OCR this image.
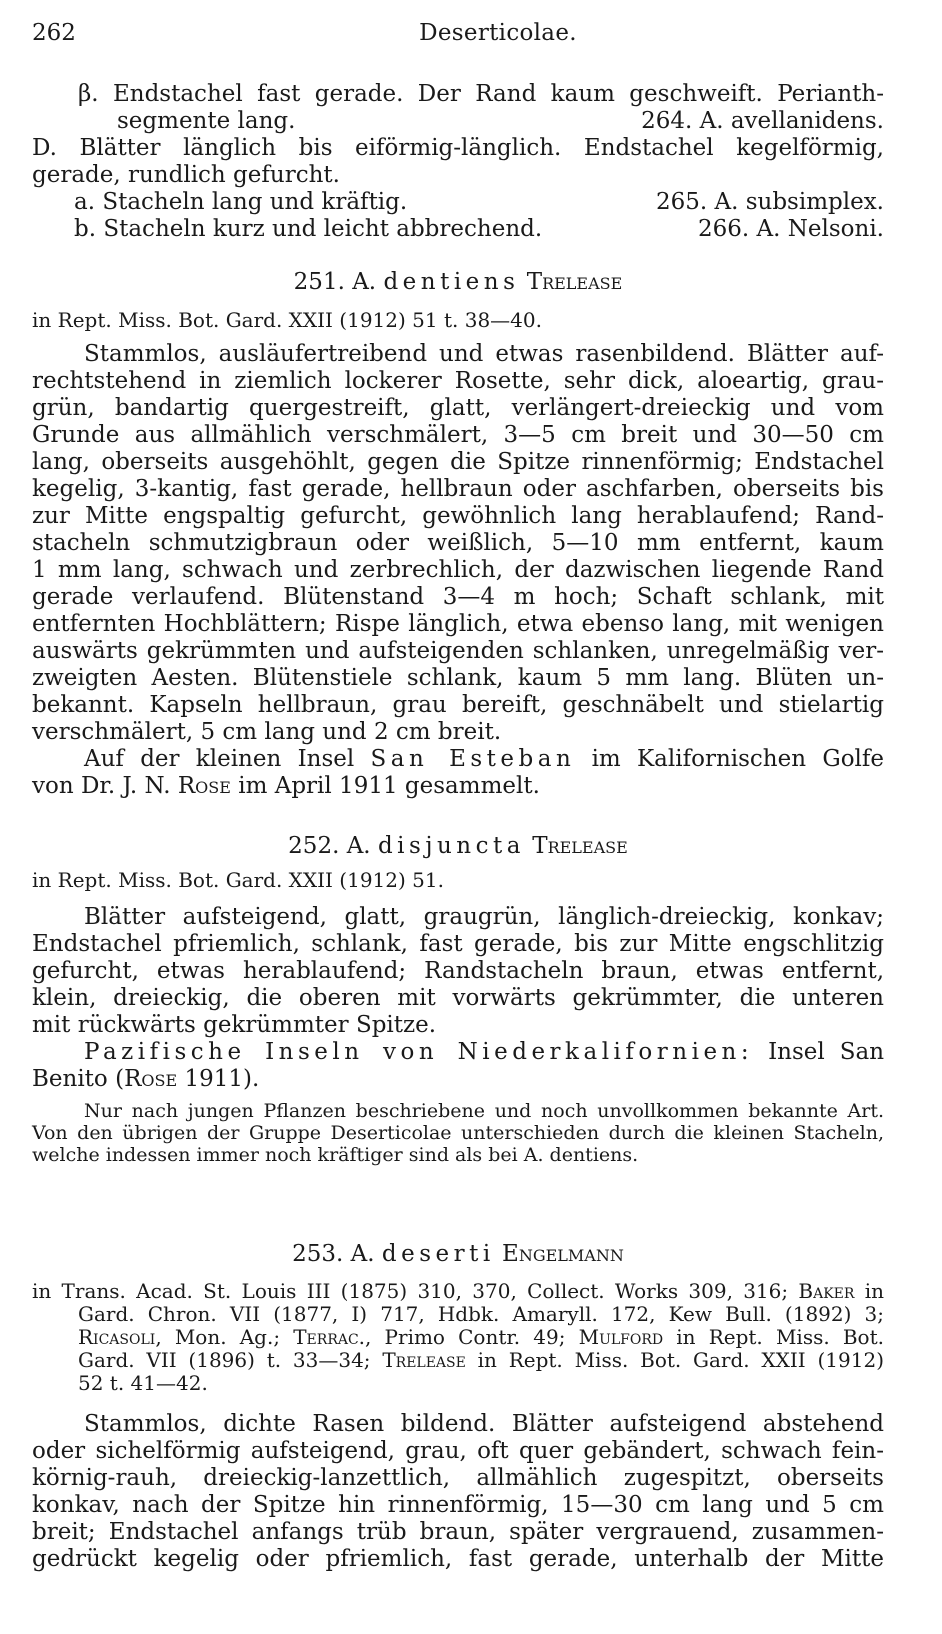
262	Deserticolae.
β. Endstachel fast gerade. Der Rand kaum geschweift. Perianth-
segmente lang.	264. A. avellanidens.
D. Blätter länglich bis eiförmig-länglich. Endstachel kegelförmig,
gerade, rundlich gefurcht.
a. Stacheln lang und kräftig.	265. A. subsimplex.
b. Stacheln kurz und leicht abbrechend.	266. A. Nelsoni.
251. A. dentiens Trelease
in Rept. Miss. Bot. Gard. XXII (1912) 51 t. 38—40.
Stammlos, ausläufertreibend und etwas rasenbildend. Blätter auf-
rechtstehend in ziemlich lockerer Rosette, sehr dick, aloeartig, grau-
grün, bandartig quergestreift, glatt, verlängert-dreieckig und vom
Grunde aus allmählich verschmälert, 3—5 cm breit und 30—50 cm
lang, oberseits ausgehöhlt, gegen die Spitze rinnenförmig; Endstachel
kegelig, 3-kantig, fast gerade, hellbraun oder aschfarben, oberseits bis
zur Mitte engspaltig gefurcht, gewöhnlich lang herablaufend; Rand-
stacheln schmutzigbraun oder weißlich, 5—10 mm entfernt, kaum
1 mm lang, schwach und zerbrechlich, der dazwischen liegende Rand
gerade verlaufend. Blütenstand 3—4 m hoch; Schaft schlank, mit
entfernten Hochblättern; Rispe länglich, etwa ebenso lang, mit wenigen
auswärts gekrümmten und aufsteigenden schlanken, unregelmäßig ver-
zweigten Aesten. Blütenstiele schlank, kaum 5 mm lang. Blüten un-
bekannt. Kapseln hellbraun, grau bereift, geschnäbelt und stielartig
verschmälert, 5 cm lang und 2 cm breit.
Auf der kleinen Insel San Esteban im Kalifornischen Golfe
von Dr. J. N. Rose im April 1911 gesammelt.
252. A. disjuncta Trelease
in Rept. Miss. Bot. Gard. XXII (1912) 51.
Blätter aufsteigend, glatt, graugrün, länglich-dreieckig, konkav;
Endstachel pfriemlich, schlank, fast gerade, bis zur Mitte engschlitzig
gefurcht, etwas herablaufend; Randstacheln braun, etwas entfernt,
klein, dreieckig, die oberen mit vorwärts gekrümmter, die unteren
mit rückwärts gekrümmter Spitze.
Pazifische Inseln von Niederkalifornien: Insel San
Benito (Rose 1911).
Nur nach jungen Pflanzen beschriebene und noch unvollkommen bekannte Art.
Von den übrigen der Gruppe Deserticolae unterschieden durch die kleinen Stacheln,
welche indessen immer noch kräftiger sind als bei A. dentiens.
253. A. deserti Engelmann
in Trans. Acad. St. Louis III (1875) 310, 370, Collect. Works 309, 316; Baker in
Gard. Chron. VII (1877, I) 717, Hdbk. Amaryll. 172, Kew Bull. (1892) 3;
Ricasoli, Mon. Ag.; Terrac., Primo Contr. 49; Mulford in Rept. Miss. Bot.
Gard. VII (1896) t. 33—34; Trelease in Rept. Miss. Bot. Gard. XXII (1912)
52 t. 41—42.
Stammlos, dichte Rasen bildend. Blätter aufsteigend abstehend
oder sichelförmig aufsteigend, grau, oft quer gebändert, schwach fein-
körnig-rauh, dreieckig-lanzettlich, allmählich zugespitzt, oberseits
konkav, nach der Spitze hin rinnenförmig, 15—30 cm lang und 5 cm
breit; Endstachel anfangs trüb braun, später vergrauend, zusammen-
gedrückt kegelig oder pfriemlich, fast gerade, unterhalb der Mitte
